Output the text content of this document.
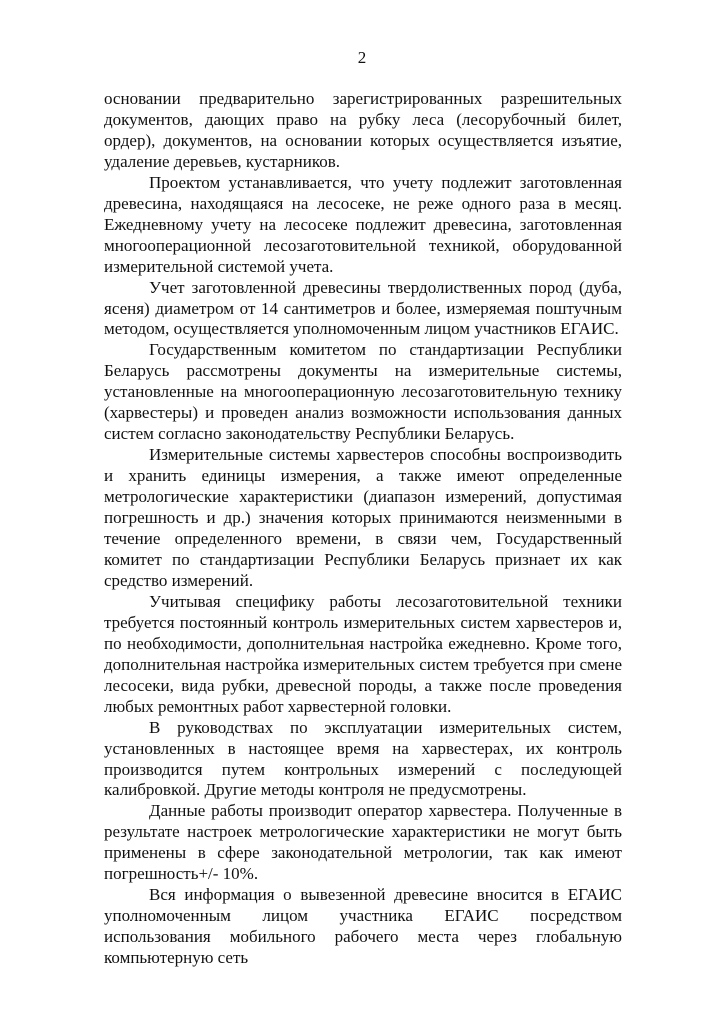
2

основании предварительно зарегистрированных разрешительных документов, дающих право на рубку леса (лесорубочный билет, ордер), документов, на основании которых осуществляется изъятие, удаление деревьев, кустарников.

Проектом устанавливается, что учету подлежит заготовленная древесина, находящаяся на лесосеке, не реже одного раза в месяц. Ежедневному учету на лесосеке подлежит древесина, заготовленная многооперационной лесозаготовительной техникой, оборудованной измерительной системой учета.

Учет заготовленной древесины твердолиственных пород (дуба, ясеня) диаметром от 14 сантиметров и более, измеряемая поштучным методом, осуществляется уполномоченным лицом участников ЕГАИС.

Государственным комитетом по стандартизации Республики Беларусь рассмотрены документы на измерительные системы, установленные на многооперационную лесозаготовительную технику (харвестеры) и проведен анализ возможности использования данных систем согласно законодательству Республики Беларусь.

Измерительные системы харвестеров способны воспроизводить и хранить единицы измерения, а также имеют определенные метрологические характеристики (диапазон измерений, допустимая погрешность и др.) значения которых принимаются неизменными в течение определенного времени, в связи чем, Государственный комитет по стандартизации Республики Беларусь признает их как средство измерений.

Учитывая специфику работы лесозаготовительной техники требуется постоянный контроль измерительных систем харвестеров и, по необходимости, дополнительная настройка ежедневно. Кроме того, дополнительная настройка измерительных систем требуется при смене лесосеки, вида рубки, древесной породы, а также после проведения любых ремонтных работ харвестерной головки.

В руководствах по эксплуатации измерительных систем, установленных в настоящее время на харвестерах, их контроль производится путем контрольных измерений с последующей калибровкой. Другие методы контроля не предусмотрены.

Данные работы производит оператор харвестера. Полученные в результате настроек метрологические характеристики не могут быть применены в сфере законодательной метрологии, так как имеют погрешность+/- 10%.

Вся информация о вывезенной древесине вносится в ЕГАИС уполномоченным лицом участника ЕГАИС посредством использования мобильного рабочего места через глобальную компьютерную сеть
